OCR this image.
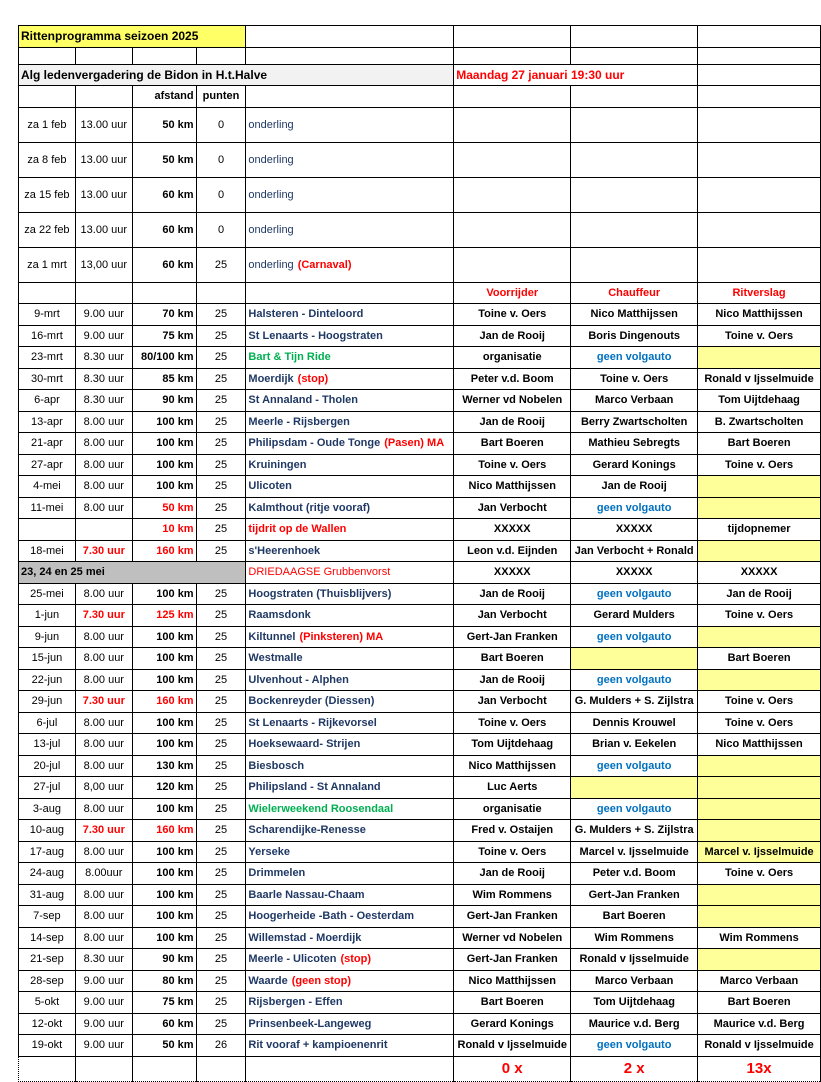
Rittenprogramma seizoen 2025							

Alg ledenvergadering de Bidon in H.t.Halve					Maandag 27 januari 19:30 uur		
		afstand	punten				
za 1 feb	13.00 uur	50 km	0	onderling			
za 8 feb	13.00 uur	50 km	0	onderling			
za 15 feb	13.00 uur	60 km	0	onderling			
za 22 feb	13.00 uur	60 km	0	onderling			
za 1 mrt	13,00 uur	60 km	25	onderling (Carnaval)			
					Voorrijder	Chauffeur	Ritverslag
9-mrt	9.00 uur	70 km	25	Halsteren - Dinteloord	Toine v. Oers	Nico Matthijssen	Nico Matthijssen
16-mrt	9.00 uur	75 km	25	St Lenaarts - Hoogstraten	Jan de Rooij	Boris Dingenouts	Toine v. Oers
23-mrt	8.30 uur	80/100 km	25	Bart & Tijn Ride	organisatie	geen volgauto	
30-mrt	8.30 uur	85 km	25	Moerdijk (stop)	Peter v.d. Boom	Toine v. Oers	Ronald v Ijsselmuide
6-apr	8.30 uur	90 km	25	St Annaland - Tholen	Werner vd Nobelen	Marco Verbaan	Tom Uijtdehaag
13-apr	8.00 uur	100 km	25	Meerle - Rijsbergen	Jan de Rooij	Berry Zwartscholten	B. Zwartscholten
21-apr	8.00 uur	100 km	25	Philipsdam - Oude Tonge (Pasen) MA	Bart Boeren	Mathieu Sebregts	Bart Boeren
27-apr	8.00 uur	100 km	25	Kruiningen	Toine v. Oers	Gerard Konings	Toine v. Oers
4-mei	8.00 uur	100 km	25	Ulicoten	Nico Matthijssen	Jan de Rooij	
11-mei	8.00 uur	50 km	25	Kalmthout (ritje vooraf)	Jan Verbocht	geen volgauto	
		10 km	25	tijdrit op de Wallen	XXXXX	XXXXX	tijdopnemer
18-mei	7.30 uur	160 km	25	s'Heerenhoek	Leon v.d. Eijnden	Jan Verbocht + Ronald	
23, 24 en 25 mei				DRIEDAAGSE Grubbenvorst	XXXXX	XXXXX	XXXXX
25-mei	8.00 uur	100 km	25	Hoogstraten (Thuisblijvers)	Jan de Rooij	geen volgauto	Jan de Rooij
1-jun	7.30 uur	125 km	25	Raamsdonk	Jan Verbocht	Gerard Mulders	Toine v. Oers
9-jun	8.00 uur	100 km	25	Kiltunnel (Pinksteren) MA	Gert-Jan Franken	geen volgauto	
15-jun	8.00 uur	100 km	25	Westmalle	Bart Boeren		Bart Boeren
22-jun	8.00 uur	100 km	25	Ulvenhout - Alphen	Jan de Rooij	geen volgauto	
29-jun	7.30 uur	160 km	25	Bockenreyder (Diessen)	Jan Verbocht	G. Mulders + S. Zijlstra	Toine v. Oers
6-jul	8.00 uur	100 km	25	St Lenaarts - Rijkevorsel	Toine v. Oers	Dennis Krouwel	Toine v. Oers
13-jul	8.00 uur	100 km	25	Hoeksewaard- Strijen	Tom Uijtdehaag	Brian v. Eekelen	Nico Matthijssen
20-jul	8.00 uur	130 km	25	Biesbosch	Nico Matthijssen	geen volgauto	
27-jul	8,00 uur	120 km	25	Philipsland - St Annaland	Luc Aerts		
3-aug	8.00 uur	100 km	25	Wielerweekend Roosendaal	organisatie	geen volgauto	
10-aug	7.30 uur	160 km	25	Scharendijke-Renesse	Fred v. Ostaijen	G. Mulders + S. Zijlstra	
17-aug	8.00 uur	100 km	25	Yerseke	Toine v. Oers	Marcel v. Ijsselmuide	Marcel v. Ijsselmuide
24-aug	8.00uur	100 km	25	Drimmelen	Jan de Rooij	Peter v.d. Boom	Toine v. Oers
31-aug	8.00 uur	100 km	25	Baarle Nassau-Chaam	Wim Rommens	Gert-Jan Franken	
7-sep	8.00 uur	100 km	25	Hoogerheide -Bath - Oesterdam	Gert-Jan Franken	Bart Boeren	
14-sep	8.00 uur	100 km	25	Willemstad - Moerdijk	Werner vd Nobelen	Wim Rommens	Wim Rommens
21-sep	8.30 uur	90 km	25	Meerle - Ulicoten (stop)	Gert-Jan Franken	Ronald v Ijsselmuide	
28-sep	9.00 uur	80 km	25	Waarde (geen stop)	Nico Matthijssen	Marco Verbaan	Marco Verbaan
5-okt	9.00 uur	75 km	25	Rijsbergen - Effen	Bart Boeren	Tom Uijtdehaag	Bart Boeren
12-okt	9.00 uur	60 km	25	Prinsenbeek-Langeweg	Gerard Konings	Maurice v.d. Berg	Maurice v.d. Berg
19-okt	9.00 uur	50 km	26	Rit vooraf + kampioenenrit	Ronald v Ijsselmuide	geen volgauto	Ronald v Ijsselmuide
					0 x	2 x	13x
